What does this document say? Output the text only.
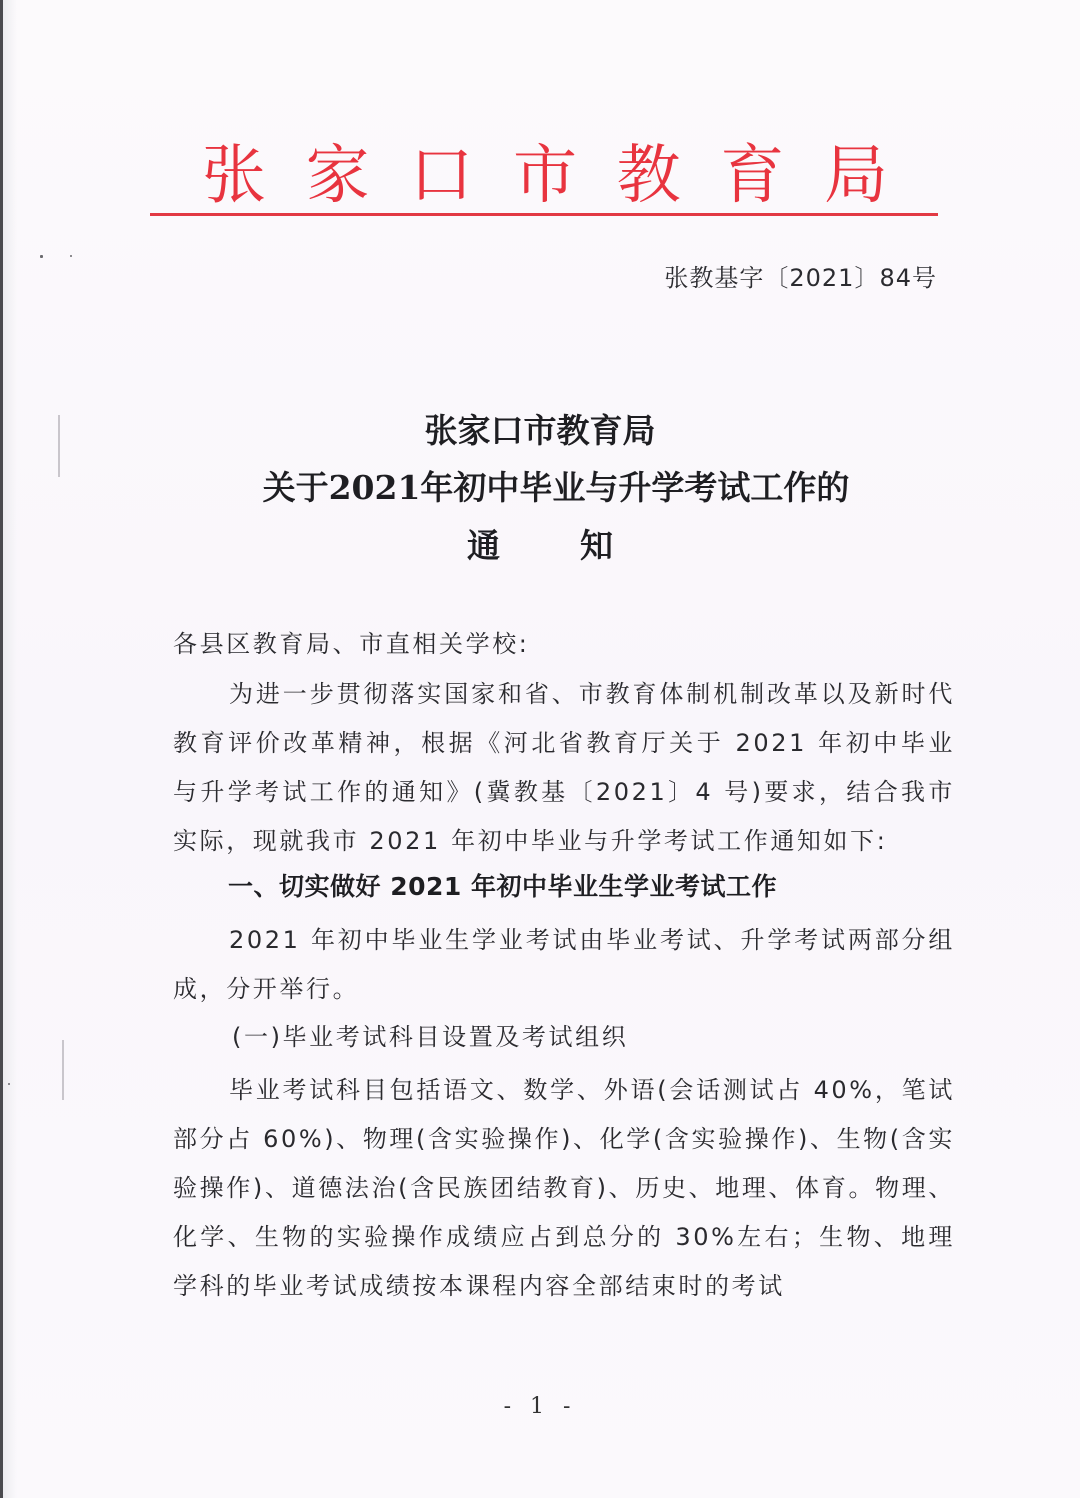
张 家 口 市 教 育 局
张教基字〔2021〕84号
张家口市教育局
关于2021年初中毕业与升学考试工作的
通知
各县区教育局、市直相关学校:
为进一步贯彻落实国家和省、市教育体制机制改革以及新时代教育评价改革精神，根据《河北省教育厅关于 2021 年初中毕业与升学考试工作的通知》(冀教基〔2021〕4 号)要求，结合我市实际，现就我市 2021 年初中毕业与升学考试工作通知如下:
一、切实做好 2021 年初中毕业生学业考试工作
2021 年初中毕业生学业考试由毕业考试、升学考试两部分组成，分开举行。
(一)毕业考试科目设置及考试组织
毕业考试科目包括语文、数学、外语(会话测试占 40%，笔试部分占 60%)、物理(含实验操作)、化学(含实验操作)、生物(含实验操作)、道德法治(含民族团结教育)、历史、地理、体育。物理、化学、生物的实验操作成绩应占到总分的 30%左右；生物、地理学科的毕业考试成绩按本课程内容全部结束时的考试
- 1 -
